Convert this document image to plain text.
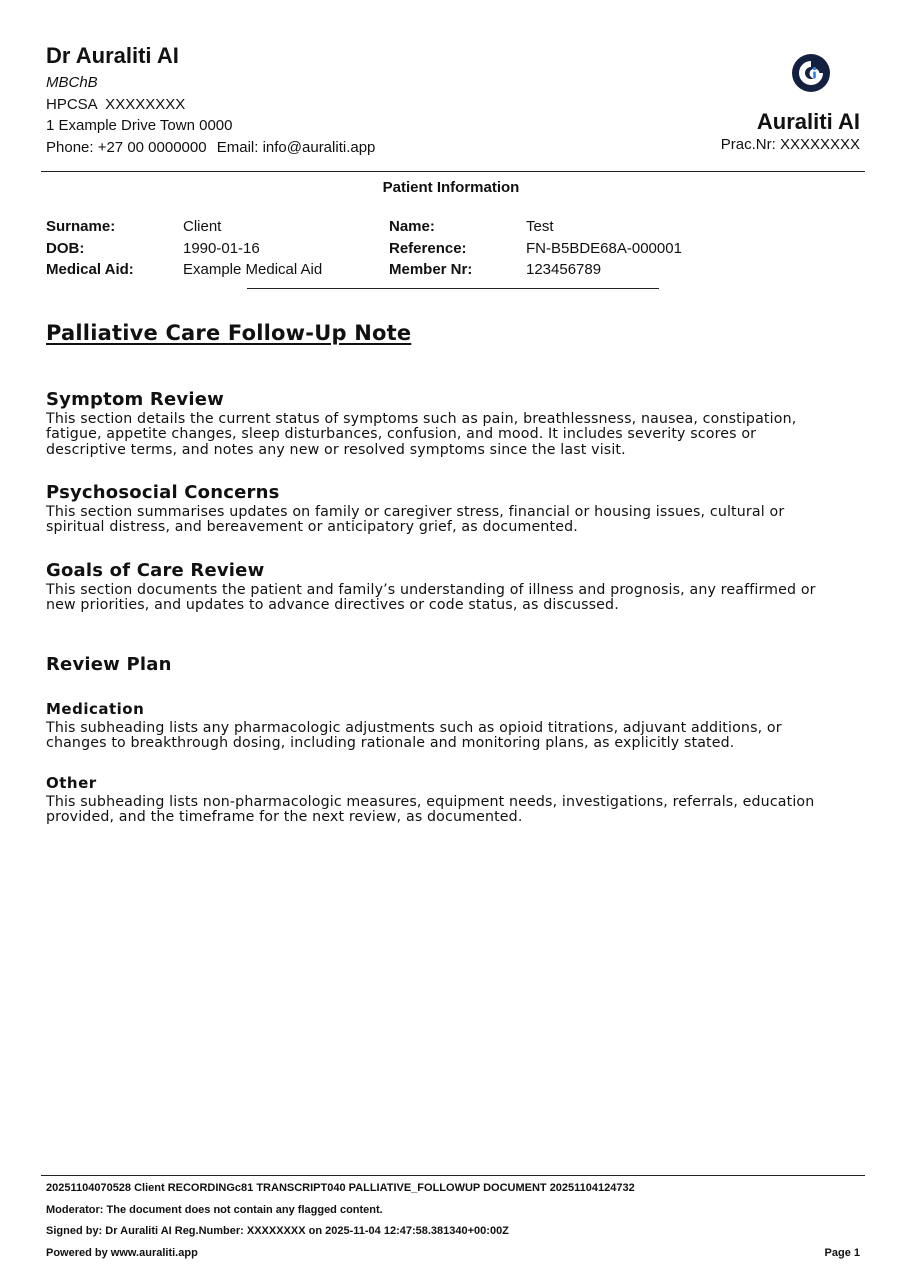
Dr Auraliti AI
MBChB
HPCSA  XXXXXXXX
1 Example Drive Town 0000
Phone: +27 00 0000000 Email: info@auraliti.app
Auraliti AI
Prac.Nr: XXXXXXXX
Patient Information
Surname:	Client	Name:	Test
DOB:	1990-01-16	Reference:	FN-B5BDE68A-000001
Medical Aid:	Example Medical Aid	Member Nr:	123456789
Palliative Care Follow-Up Note
Symptom Review

This section details the current status of symptoms such as pain, breathlessness, nausea, constipation,
fatigue, appetite changes, sleep disturbances, confusion, and mood. It includes severity scores or
descriptive terms, and notes any new or resolved symptoms since the last visit.

Psychosocial Concerns

This section summarises updates on family or caregiver stress, financial or housing issues, cultural or
spiritual distress, and bereavement or anticipatory grief, as documented.

Goals of Care Review

This section documents the patient and family’s understanding of illness and prognosis, any reaffirmed or
new priorities, and updates to advance directives or code status, as discussed.

Review Plan
Medication

This subheading lists any pharmacologic adjustments such as opioid titrations, adjuvant additions, or
changes to breakthrough dosing, including rationale and monitoring plans, as explicitly stated.

Other

This subheading lists non-pharmacologic measures, equipment needs, investigations, referrals, education
provided, and the timeframe for the next review, as documented.

20251104070528 Client RECORDINGc81 TRANSCRIPT040 PALLIATIVE_FOLLOWUP DOCUMENT 20251104124732
Moderator: The document does not contain any flagged content.
Signed by: Dr Auraliti AI Reg.Number: XXXXXXXX on 2025-11-04 12:47:58.381340+00:00Z
Powered by www.auraliti.app	Page 1
